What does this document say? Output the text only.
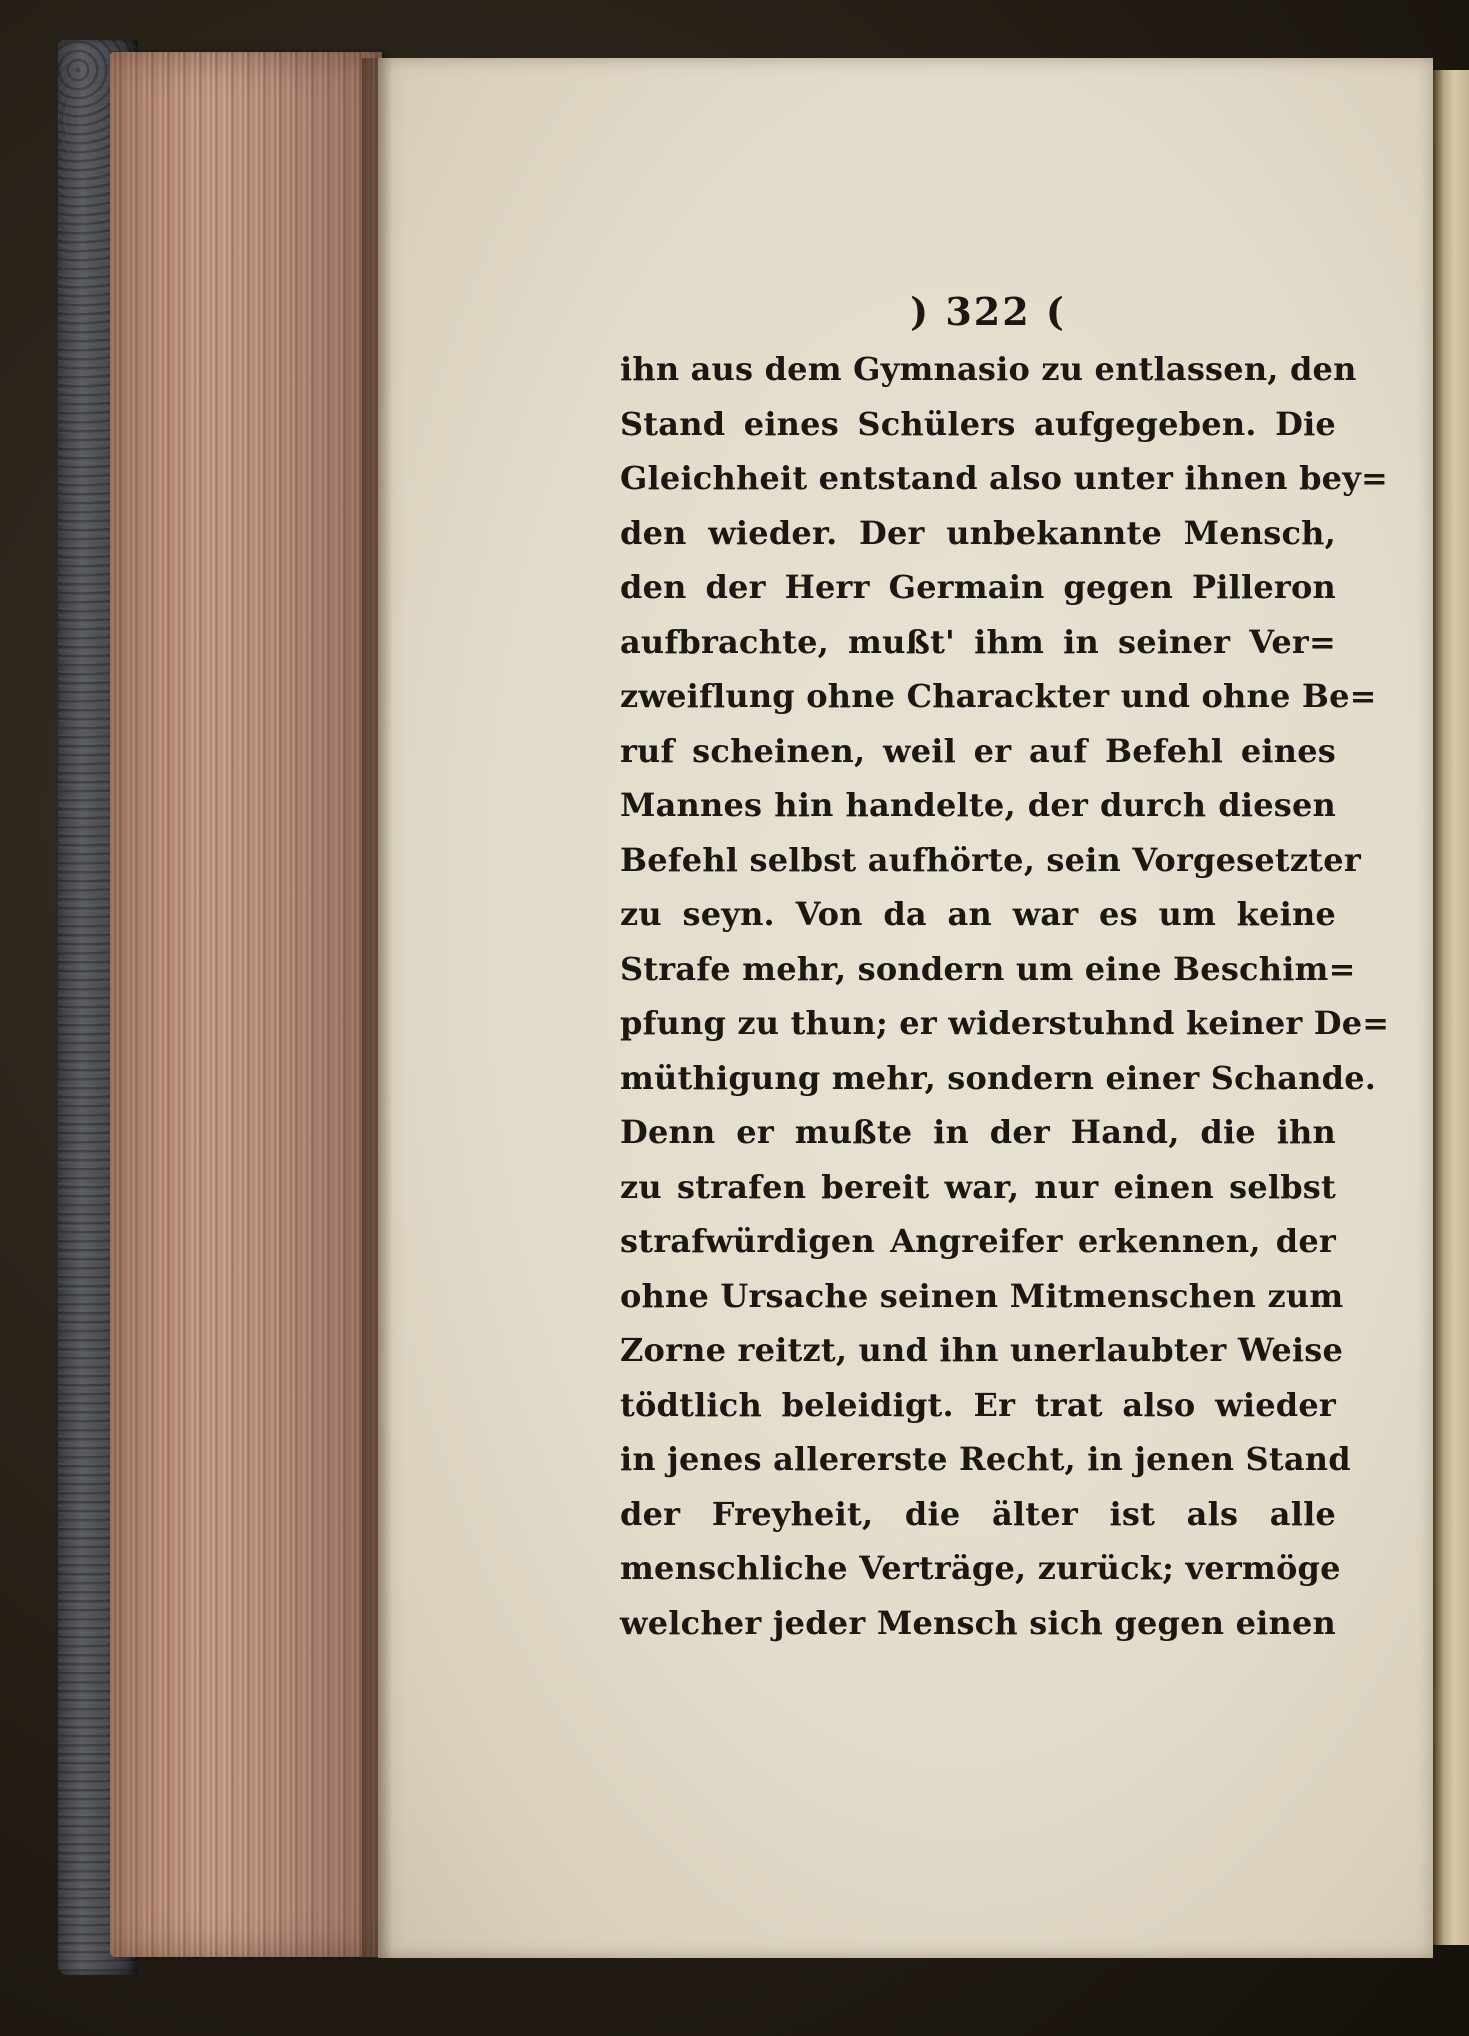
) 322 (
ihn aus dem Gymnasio zu entlassen, den
Stand eines Schülers aufgegeben. Die
Gleichheit entstand also unter ihnen bey=
den wieder. Der unbekannte Mensch,
den der Herr Germain gegen Pilleron
aufbrachte, mußt' ihm in seiner Ver=
zweiflung ohne Charackter und ohne Be=
ruf scheinen, weil er auf Befehl eines
Mannes hin handelte, der durch diesen
Befehl selbst aufhörte, sein Vorgesetzter
zu seyn. Von da an war es um keine
Strafe mehr, sondern um eine Beschim=
pfung zu thun; er widerstuhnd keiner De=
müthigung mehr, sondern einer Schande.
Denn er mußte in der Hand, die ihn
zu strafen bereit war, nur einen selbst
strafwürdigen Angreifer erkennen, der
ohne Ursache seinen Mitmenschen zum
Zorne reitzt, und ihn unerlaubter Weise
tödtlich beleidigt. Er trat also wieder
in jenes allererste Recht, in jenen Stand
der Freyheit, die älter ist als alle
menschliche Verträge, zurück; vermöge
welcher jeder Mensch sich gegen einen
